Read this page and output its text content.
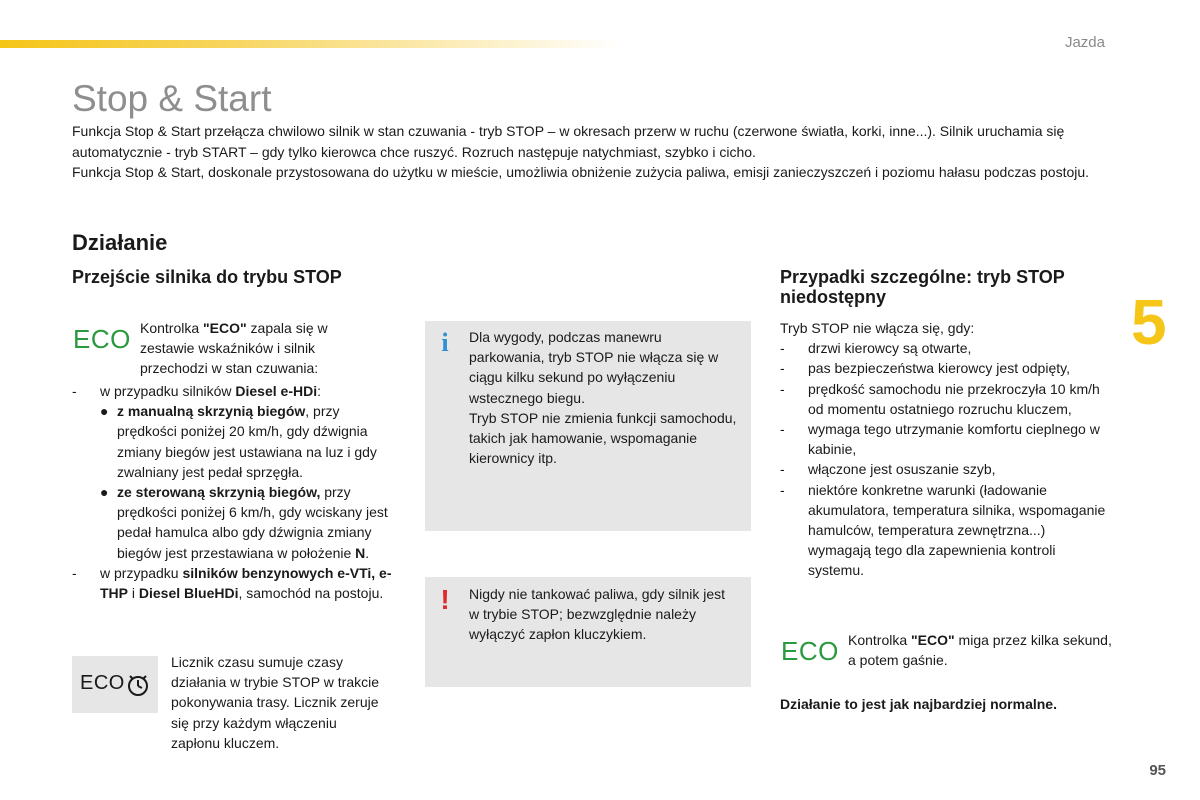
Jazda
Stop & Start

Funkcja Stop & Start przełącza chwilowo silnik w stan czuwania - tryb STOP – w okresach przerw w ruchu (czerwone światła, korki, inne...). Silnik uruchamia się automatycznie - tryb START – gdy tylko kierowca chce ruszyć. Rozruch następuje natychmiast, szybko i cicho.

Funkcja Stop & Start, doskonale przystosowana do użytku w mieście, umożliwia obniżenie zużycia paliwa, emisji zanieczyszczeń i poziomu hałasu podczas postoju.

Działanie
Przejście silnika do trybu STOP
ECO Kontrolka "ECO" zapala się w zestawie wskaźników i silnik przechodzi w stan czuwania:
- w przypadku silników Diesel e-HDi:
● z manualną skrzynią biegów, przy prędkości poniżej 20 km/h, gdy dźwignia zmiany biegów jest ustawiana na luz i gdy zwalniany jest pedał sprzęgła.
● ze sterowaną skrzynią biegów, przy prędkości poniżej 6 km/h, gdy wciskany jest pedał hamulca albo gdy dźwignia zmiany biegów jest przestawiana w położenie N.
- w przypadku silników benzynowych e-VTi, e-THP i Diesel BlueHDi, samochód na postoju.
ECO
Licznik czasu sumuje czasy działania w trybie STOP w trakcie pokonywania trasy. Licznik zeruje się przy każdym włączeniu zapłonu kluczem.
i	Dla wygody, podczas manewru parkowania, tryb STOP nie włącza się w ciągu kilku sekund po wyłączeniu wstecznego biegu.

Tryb STOP nie zmienia funkcji samochodu, takich jak hamowanie, wspomaganie kierownicy itp.

! Nigdy nie tankować paliwa, gdy silnik jest w trybie STOP; bezwzględnie należy wyłączyć zapłon kluczykiem.
Przypadki szczególne: tryb STOP niedostępny

Tryb STOP nie włącza się, gdy:

- drzwi kierowcy są otwarte,
- pas bezpieczeństwa kierowcy jest odpięty,
- prędkość samochodu nie przekroczyła 10 km/h od momentu ostatniego rozruchu kluczem,
- wymaga tego utrzymanie komfortu cieplnego w kabinie,
- włączone jest osuszanie szyb,
- niektóre konkretne warunki (ładowanie akumulatora, temperatura silnika, wspomaganie hamulców, temperatura zewnętrzna...) wymagają tego dla zapewnienia kontroli systemu.
ECO Kontrolka "ECO" miga przez kilka sekund, a potem gaśnie.
Działanie to jest jak najbardziej normalne.
5
95
